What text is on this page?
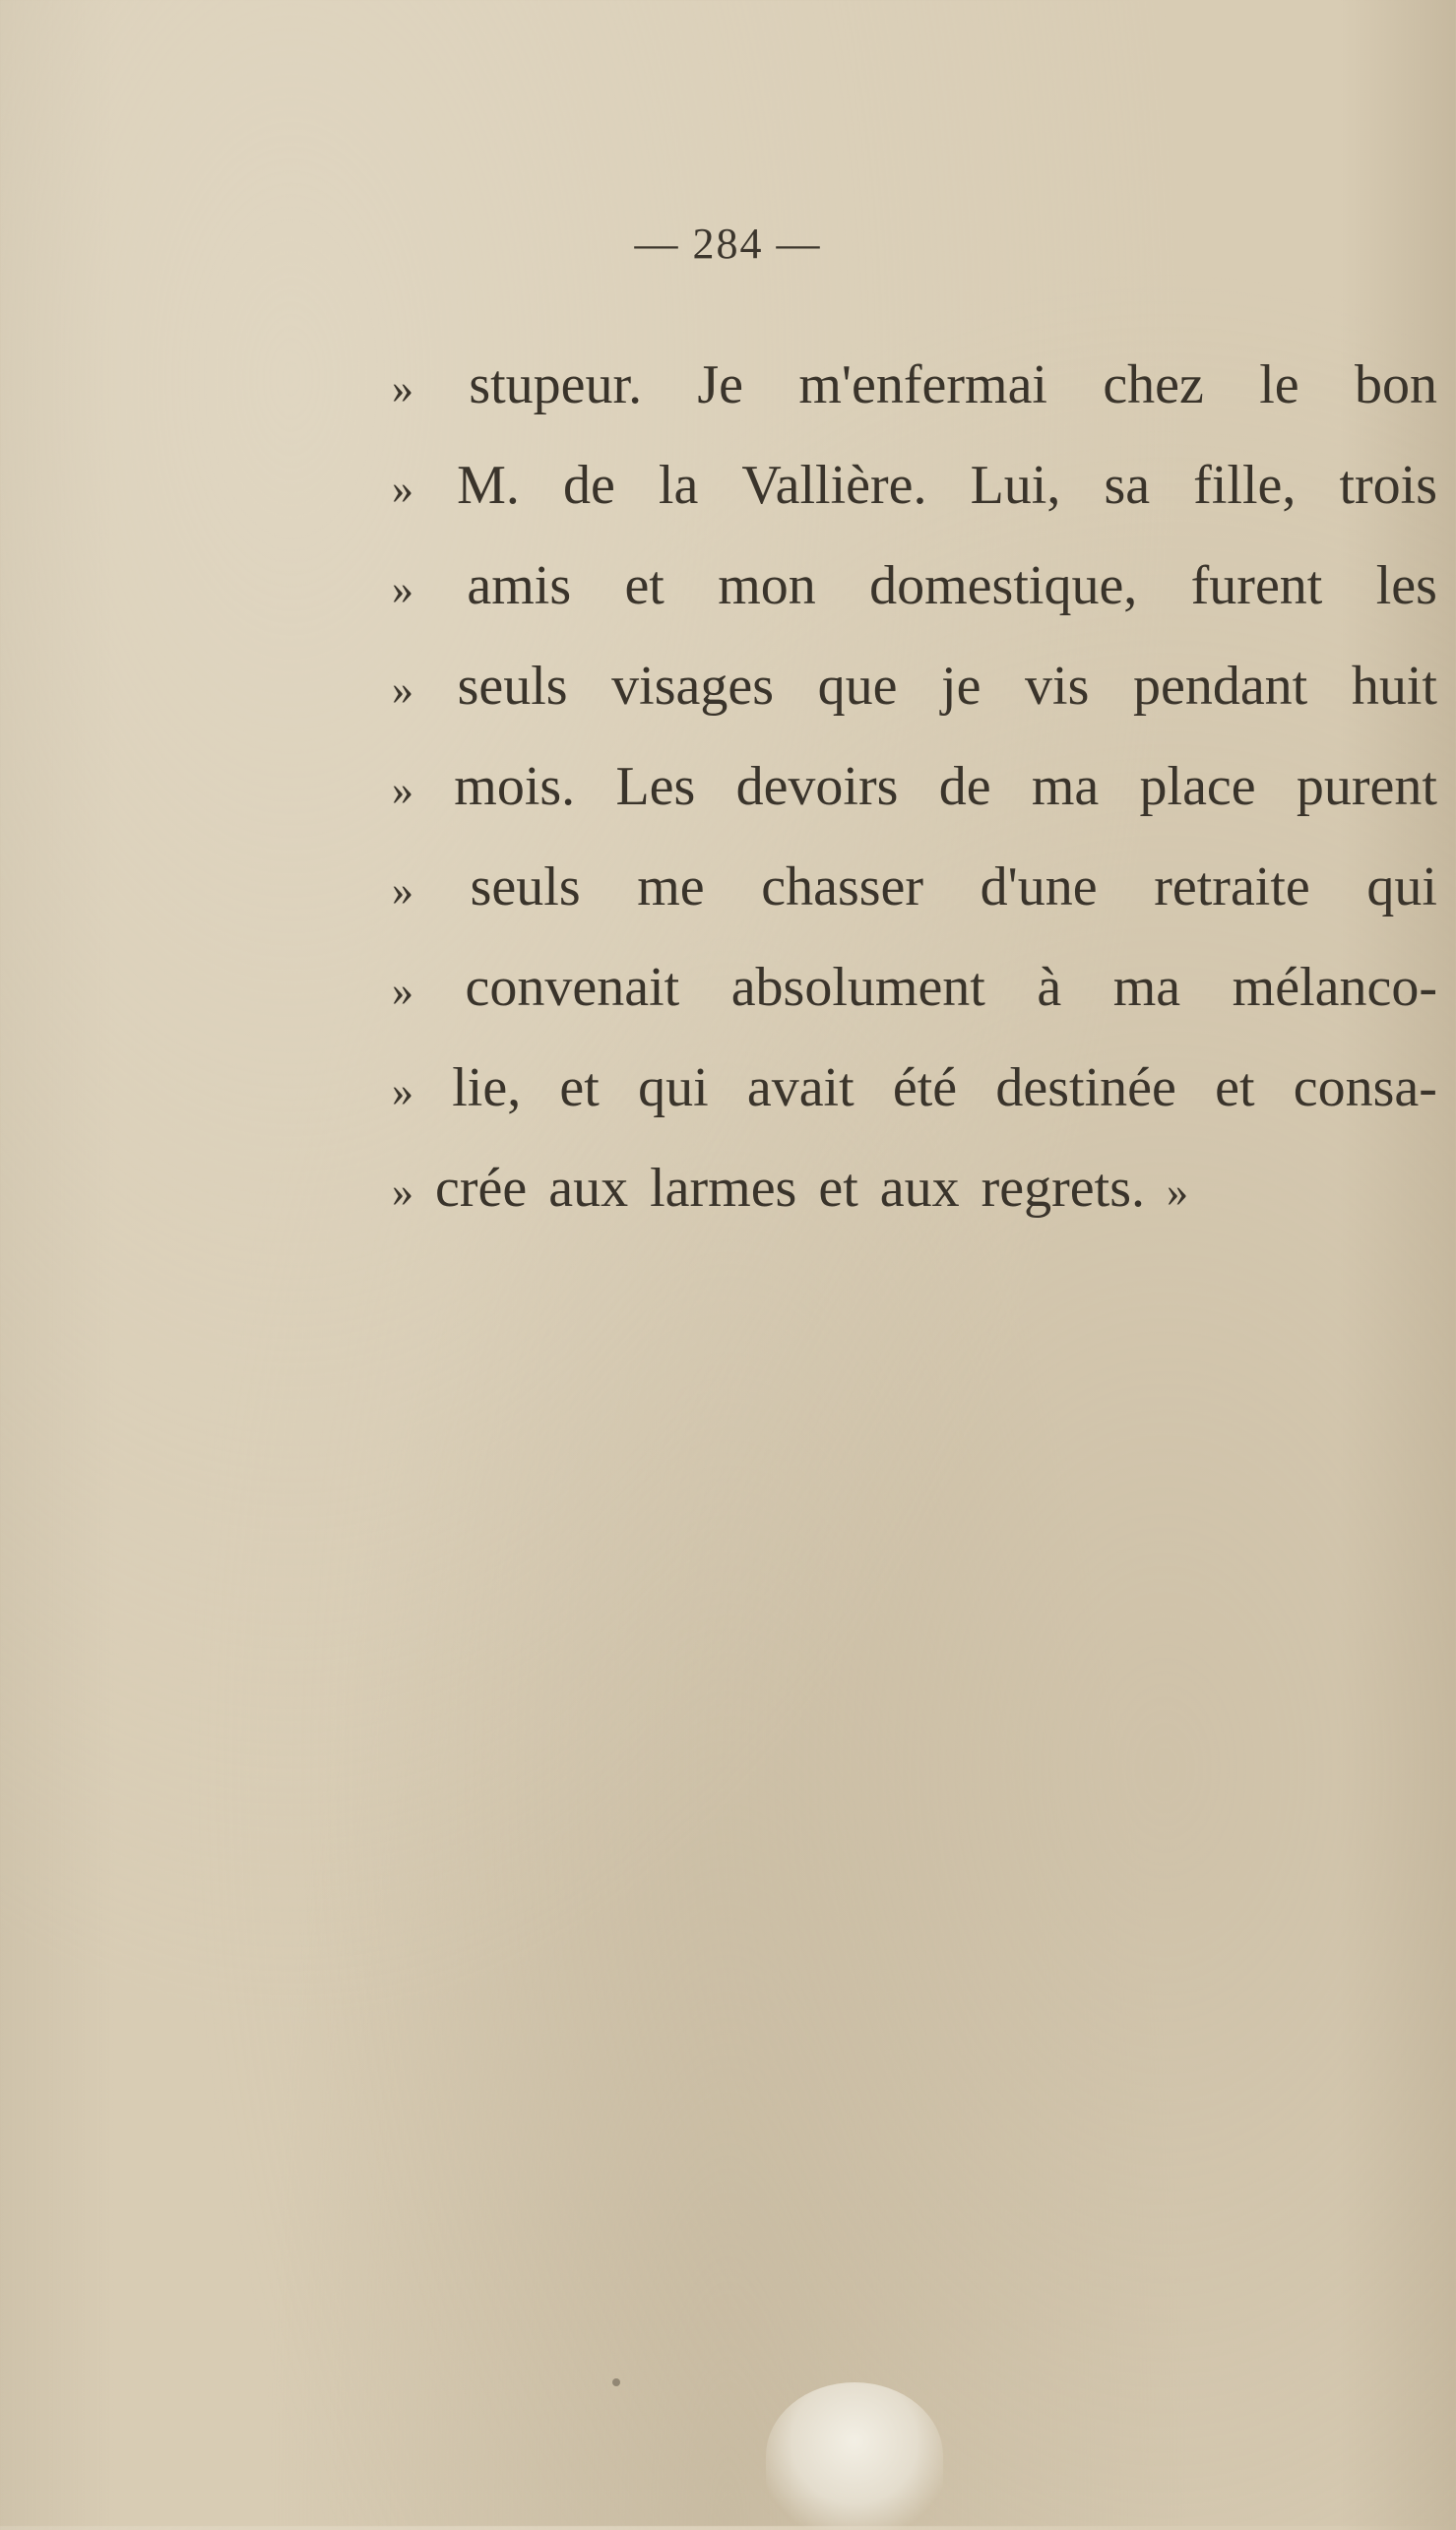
— 284 —
» stupeur. Je m'enfermai chez le bon
» M. de la Vallière. Lui, sa fille, trois
» amis et mon domestique, furent les
» seuls visages que je vis pendant huit
» mois. Les devoirs de ma place purent
» seuls me chasser d'une retraite qui
» convenait absolument à ma mélanco-
» lie, et qui avait été destinée et consa-
» crée aux larmes et aux regrets. »
